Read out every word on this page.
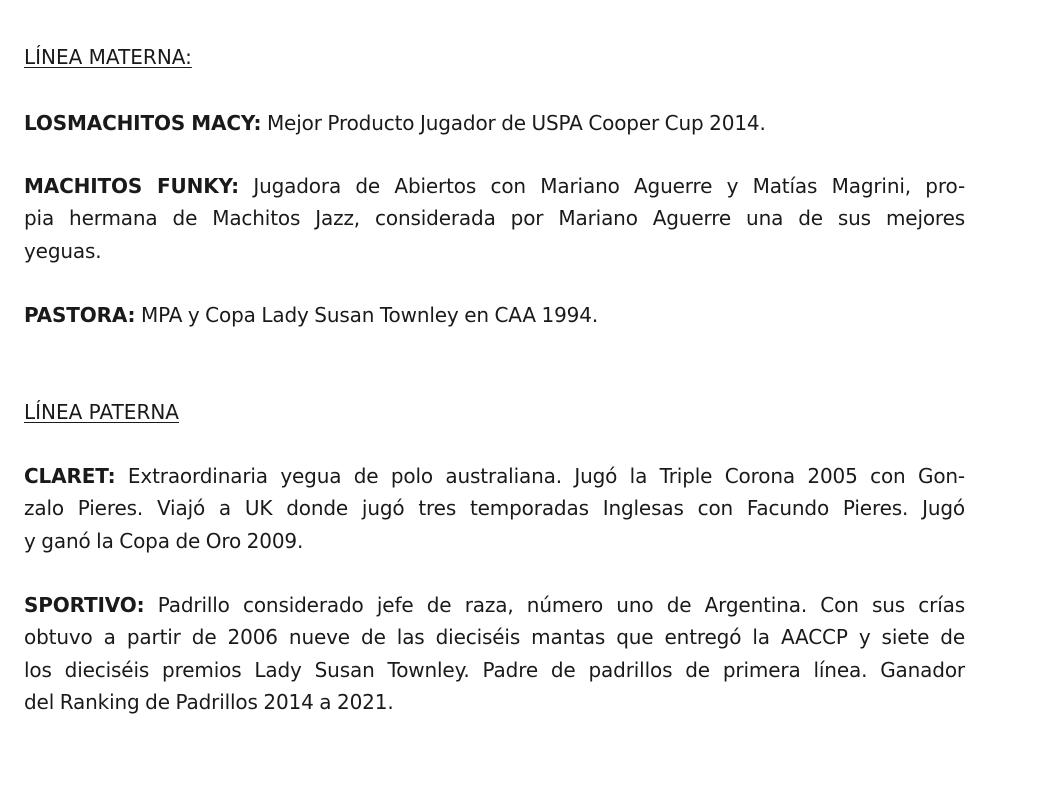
LÍNEA MATERNA:

LOSMACHITOS MACY: Mejor Producto Jugador de USPA Cooper Cup 2014.

MACHITOS FUNKY: Jugadora de Abiertos con Mariano Aguerre y Matías Magrini, pro-
pia hermana de Machitos Jazz, considerada por Mariano Aguerre una de sus mejores
yeguas.

PASTORA: MPA y Copa Lady Susan Townley en CAA 1994.

LÍNEA PATERNA

CLARET: Extraordinaria yegua de polo australiana. Jugó la Triple Corona 2005 con Gon-
zalo Pieres. Viajó a UK donde jugó tres temporadas Inglesas con Facundo Pieres. Jugó
y ganó la Copa de Oro 2009.

SPORTIVO: Padrillo considerado jefe de raza, número uno de Argentina. Con sus crías
obtuvo a partir de 2006 nueve de las dieciséis mantas que entregó la AACCP y siete de
los dieciséis premios Lady Susan Townley. Padre de padrillos de primera línea. Ganador
del Ranking de Padrillos 2014 a 2021.
